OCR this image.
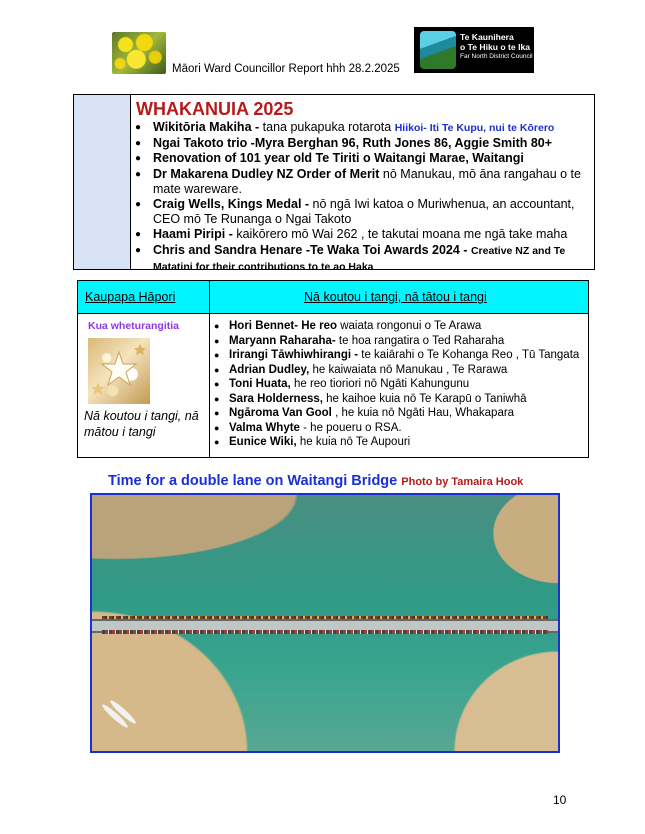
Māori Ward Councillor Report hhh 28.2.2025
Te Kaunihera
o Te Hiku o te Ika
Far North District Council
WHAKANUIA 2025
● Wikitōria Makiha - tana pukapuka rotarota Hiikoi- Iti Te Kupu, nui te Kōrero
● Ngai Takoto trio -Myra Berghan 96, Ruth Jones 86, Aggie Smith 80+
● Renovation of 101 year old Te Tiriti o Waitangi Marae, Waitangi
● Dr Makarena Dudley NZ Order of Merit nō Manukau, mō āna rangahau o te mate wareware.
● Craig Wells, Kings Medal - nō ngā Iwi katoa o Muriwhenua, an accountant, CEO mō Te Runanga o Ngai Takoto
● Haami Piripi - kaikōrero mō Wai 262 , te takutai moana me ngā take maha
● Chris and Sandra Henare -Te Waka Toi Awards 2024 - Creative NZ and Te Matatini for their contributions to te ao Haka
Kaupapa Hāpori	Nā koutou i tangi, nā tātou i tangi
Kua wheturangitia
Nā koutou i tangi, nā mātou i tangi
● Hori Bennet- He reo waiata rongonui o Te Arawa
● Maryann Raharaha- te hoa rangatira o Ted Raharaha
● Irirangi Tāwhiwhirangi - te kaiārahi o Te Kohanga Reo , Tū Tangata
● Adrian Dudley, he kaiwaiata nō Manukau , Te Rarawa
● Toni Huata, he reo tioriori nō Ngāti Kahungunu
● Sara Holderness, he kaihoe kuia nō Te Karapū o Taniwhā
● Ngāroma Van Gool , he kuia nō Ngāti Hau, Whakapara
● Valma Whyte - he poueru o RSA.
● Eunice Wiki, he kuia nō Te Aupouri
Time for a double lane on Waitangi Bridge Photo by Tamaira Hook
10
